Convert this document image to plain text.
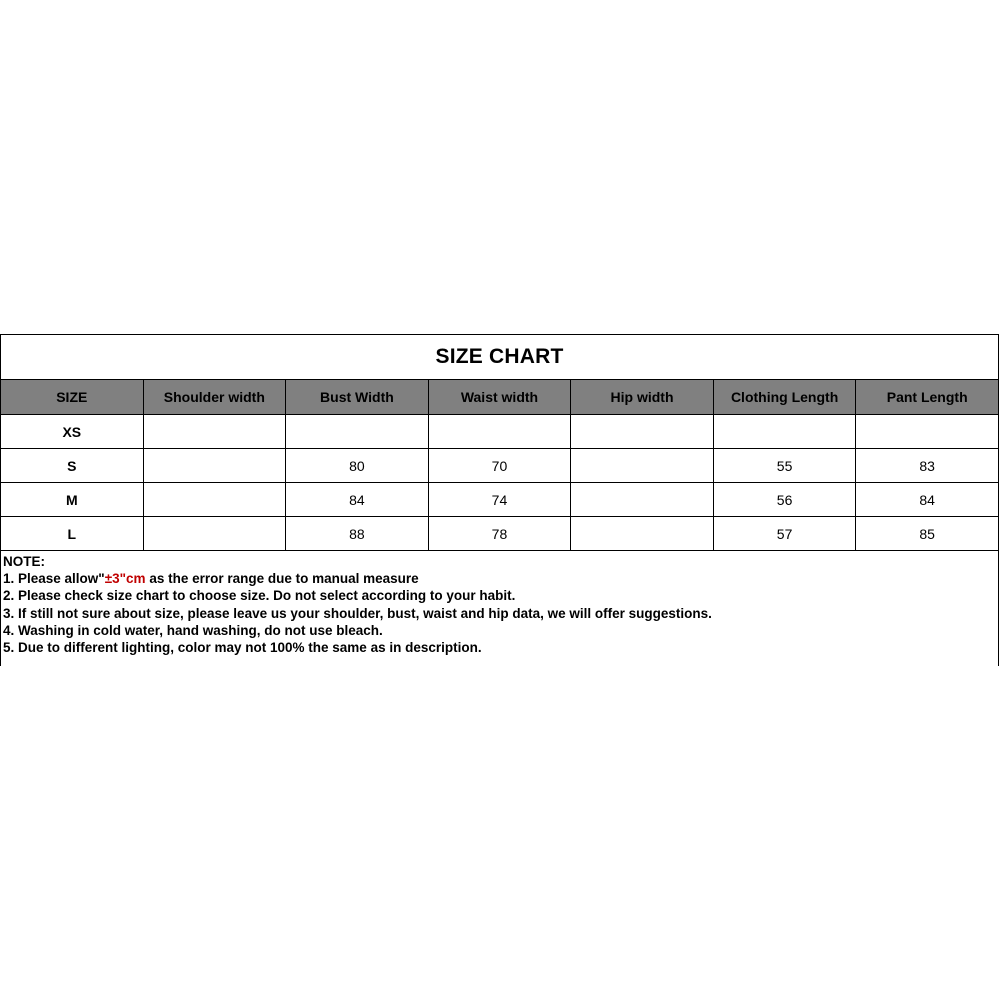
SIZE CHART
SIZE	Shoulder width	Bust Width	Waist width	Hip width	Clothing Length	Pant Length
XS						
S		80	70		55	83
M		84	74		56	84
L		88	78		57	85
NOTE:
1. Please allow"±3"cm as the error range due to manual measure
2. Please check size chart to choose size. Do not select according to your habit.
3. If still not sure about size, please leave us your shoulder, bust, waist and hip data, we will offer suggestions.
4. Washing in cold water, hand washing, do not use bleach.
5. Due to different lighting, color may not 100% the same as in description.
